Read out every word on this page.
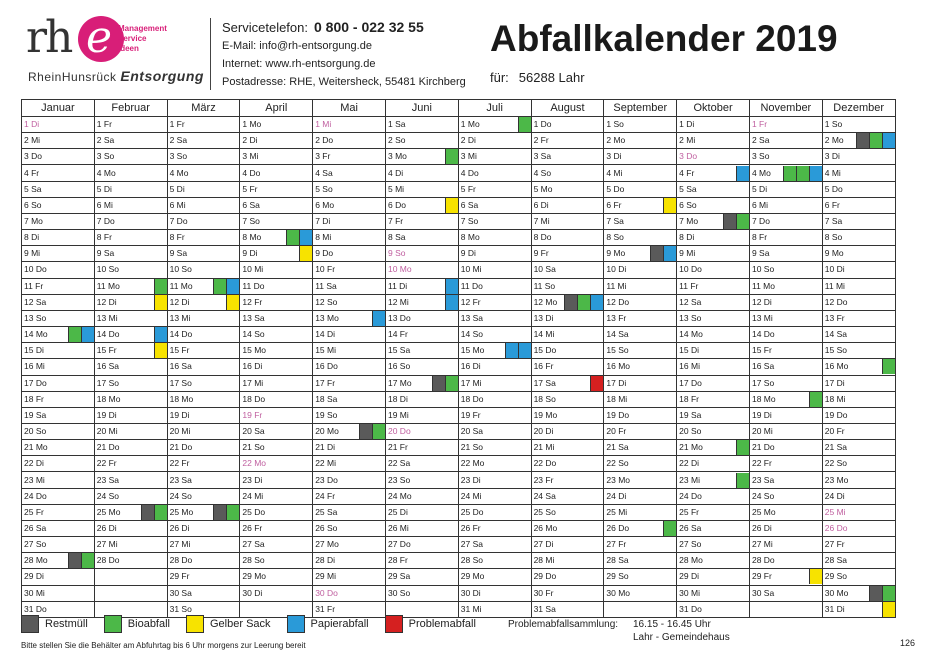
rh e Management
Service
Ideen
RheinHunsrück Entsorgung
Servicetelefon: 0 800 - 022 32 55
E-Mail: info@rh-entsorgung.de
Internet: www.rh-entsorgung.de
Postadresse: RHE, Weitersheck, 55481 Kirchberg
Abfallkalender 2019
für: 56288 Lahr
Januar	Februar	März	April	Mai	Juni	Juli	August	September	Oktober	November	Dezember

1 Di	1 Fr	1 Fr	1 Mo	1 Mi	1 Sa	1 Mo	1 Do	1 So	1 Di	1 Fr	1 So

2 Mi	2 Sa	2 Sa	2 Di	2 Do	2 So	2 Di	2 Fr	2 Mo	2 Mi	2 Sa	2 Mo

3 Do	3 So	3 So	3 Mi	3 Fr	3 Mo	3 Mi	3 Sa	3 Di	3 Do	3 So	3 Di

4 Fr	4 Mo	4 Mo	4 Do	4 Sa	4 Di	4 Do	4 So	4 Mi	4 Fr	4 Mo	4 Mi

5 Sa	5 Di	5 Di	5 Fr	5 So	5 Mi	5 Fr	5 Mo	5 Do	5 Sa	5 Di	5 Do

6 So	6 Mi	6 Mi	6 Sa	6 Mo	6 Do	6 Sa	6 Di	6 Fr	6 So	6 Mi	6 Fr

7 Mo	7 Do	7 Do	7 So	7 Di	7 Fr	7 So	7 Mi	7 Sa	7 Mo	7 Do	7 Sa

8 Di	8 Fr	8 Fr	8 Mo	8 Mi	8 Sa	8 Mo	8 Do	8 So	8 Di	8 Fr	8 So

9 Mi	9 Sa	9 Sa	9 Di	9 Do	9 So	9 Di	9 Fr	9 Mo	9 Mi	9 Sa	9 Mo

10 Do	10 So	10 So	10 Mi	10 Fr	10 Mo	10 Mi	10 Sa	10 Di	10 Do	10 So	10 Di

11 Fr	11 Mo	11 Mo	11 Do	11 Sa	11 Di	11 Do	11 So	11 Mi	11 Fr	11 Mo	11 Mi

12 Sa	12 Di	12 Di	12 Fr	12 So	12 Mi	12 Fr	12 Mo	12 Do	12 Sa	12 Di	12 Do

13 So	13 Mi	13 Mi	13 Sa	13 Mo	13 Do	13 Sa	13 Di	13 Fr	13 So	13 Mi	13 Fr

14 Mo	14 Do	14 Do	14 So	14 Di	14 Fr	14 So	14 Mi	14 Sa	14 Mo	14 Do	14 Sa

15 Di	15 Fr	15 Fr	15 Mo	15 Mi	15 Sa	15 Mo	15 Do	15 So	15 Di	15 Fr	15 So

16 Mi	16 Sa	16 Sa	16 Di	16 Do	16 So	16 Di	16 Fr	16 Mo	16 Mi	16 Sa	16 Mo

17 Do	17 So	17 So	17 Mi	17 Fr	17 Mo	17 Mi	17 Sa	17 Di	17 Do	17 So	17 Di

18 Fr	18 Mo	18 Mo	18 Do	18 Sa	18 Di	18 Do	18 So	18 Mi	18 Fr	18 Mo	18 Mi

19 Sa	19 Di	19 Di	19 Fr	19 So	19 Mi	19 Fr	19 Mo	19 Do	19 Sa	19 Di	19 Do

20 So	20 Mi	20 Mi	20 Sa	20 Mo	20 Do	20 Sa	20 Di	20 Fr	20 So	20 Mi	20 Fr

21 Mo	21 Do	21 Do	21 So	21 Di	21 Fr	21 So	21 Mi	21 Sa	21 Mo	21 Do	21 Sa

22 Di	22 Fr	22 Fr	22 Mo	22 Mi	22 Sa	22 Mo	22 Do	22 So	22 Di	22 Fr	22 So

23 Mi	23 Sa	23 Sa	23 Di	23 Do	23 So	23 Di	23 Fr	23 Mo	23 Mi	23 Sa	23 Mo

24 Do	24 So	24 So	24 Mi	24 Fr	24 Mo	24 Mi	24 Sa	24 Di	24 Do	24 So	24 Di

25 Fr	25 Mo	25 Mo	25 Do	25 Sa	25 Di	25 Do	25 So	25 Mi	25 Fr	25 Mo	25 Mi

26 Sa	26 Di	26 Di	26 Fr	26 So	26 Mi	26 Fr	26 Mo	26 Do	26 Sa	26 Di	26 Do

27 So	27 Mi	27 Mi	27 Sa	27 Mo	27 Do	27 Sa	27 Di	27 Fr	27 So	27 Mi	27 Fr

28 Mo	28 Do	28 Do	28 So	28 Di	28 Fr	28 So	28 Mi	28 Sa	28 Mo	28 Do	28 Sa

29 Di		29 Fr	29 Mo	29 Mi	29 Sa	29 Mo	29 Do	29 So	29 Di	29 Fr	29 So

30 Mi		30 Sa	30 Di	30 Do	30 So	30 Di	30 Fr	30 Mo	30 Mi	30 Sa	30 Mo

31 Do		31 So		31 Fr		31 Mi	31 Sa		31 Do		31 Di
Restmüll	Bioabfall	Gelber Sack	Papierabfall	Problemabfall	Problemabfallsammlung: 16.15 - 16.45 Uhr
Lahr - Gemeindehaus
Bitte stellen Sie die Behälter am Abfuhrtag bis 6 Uhr morgens zur Leerung bereit	126
